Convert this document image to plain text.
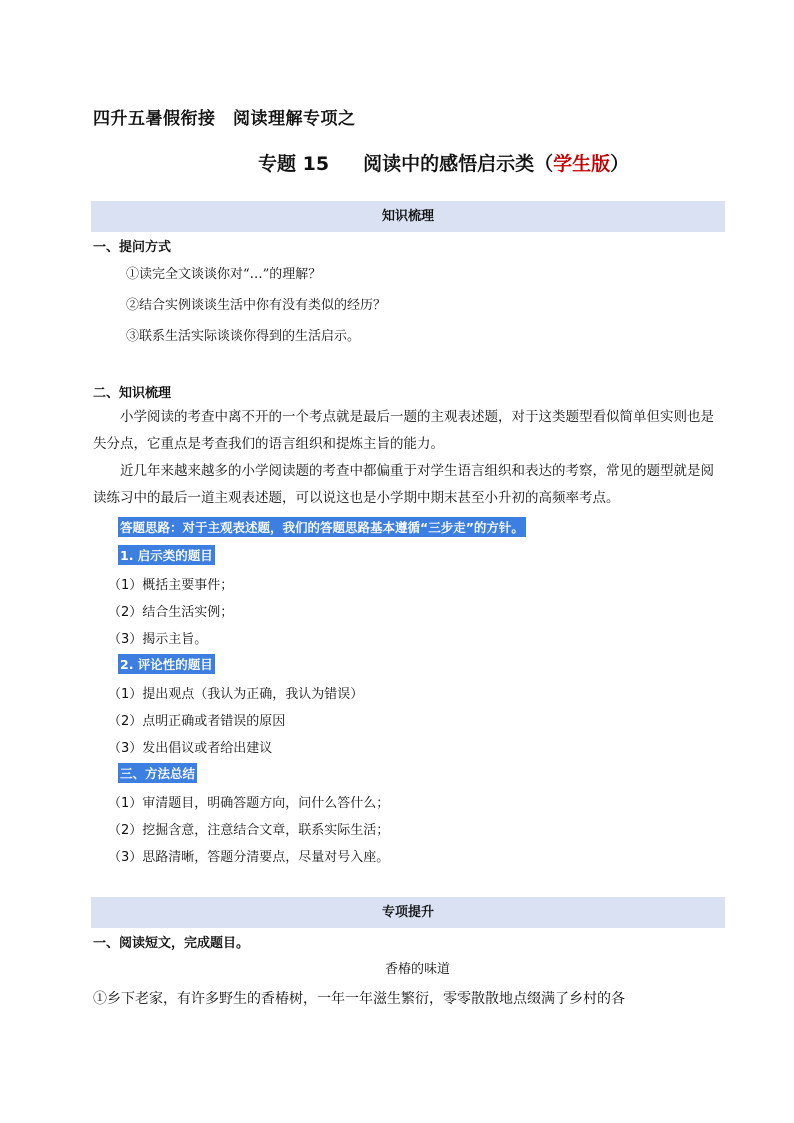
四升五暑假衔接　阅读理解专项之
专题 15 阅读中的感悟启示类（学生版）
知识梳理
一、提问方式
①读完全文谈谈你对“…”的理解？
②结合实例谈谈生活中你有没有类似的经历？
③联系生活实际谈谈你得到的生活启示。
二、知识梳理
小学阅读的考查中离不开的一个考点就是最后一题的主观表述题，对于这类题型看似简单但实则也是失分点，它重点是考查我们的语言组织和提炼主旨的能力。
近几年来越来越多的小学阅读题的考查中都偏重于对学生语言组织和表达的考察，常见的题型就是阅读练习中的最后一道主观表述题，可以说这也是小学期中期末甚至小升初的高频率考点。
答题思路：对于主观表述题，我们的答题思路基本遵循“三步走”的方针。
1. 启示类的题目
（1）概括主要事件；
（2）结合生活实例；
（3）揭示主旨。
2. 评论性的题目
（1）提出观点（我认为正确，我认为错误）
（2）点明正确或者错误的原因
（3）发出倡议或者给出建议
三、方法总结
（1）审清题目，明确答题方向，问什么答什么；
（2）挖掘含意，注意结合文章，联系实际生活；
（3）思路清晰，答题分清要点，尽量对号入座。
专项提升
一、阅读短文，完成题目。
香椿的味道
①乡下老家，有许多野生的香椿树，一年一年滋生繁衍，零零散散地点缀满了乡村的各
